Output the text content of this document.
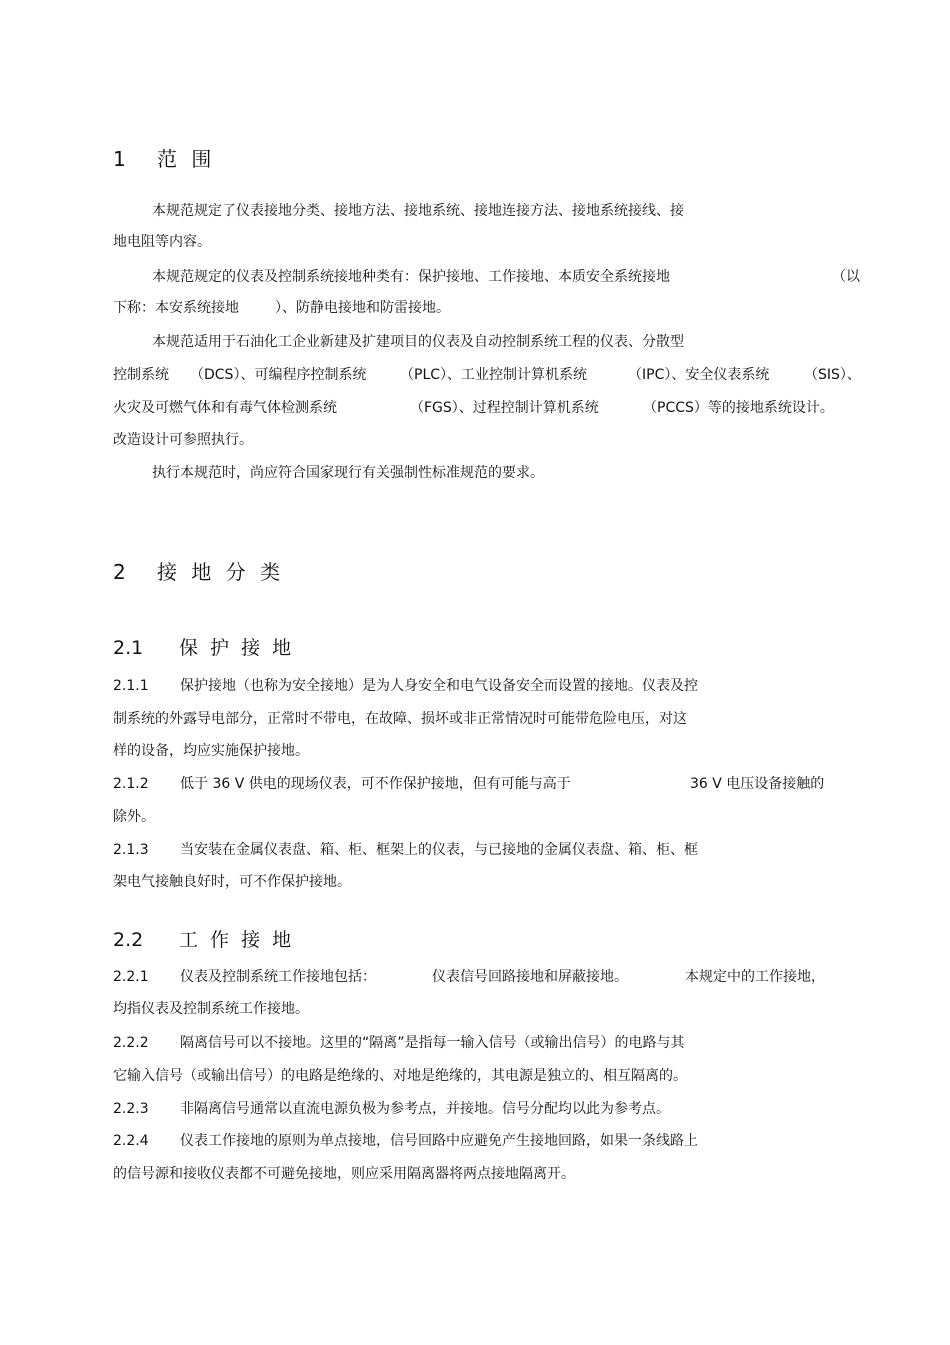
1 范 围
本规范规定了仪表接地分类、接地方法、接地系统、接地连接方法、接地系统接线、接
地电阻等内容。
本规范规定的仪表及控制系统接地种类有：保护接地、工作接地、本质安全系统接地	（以
下称：本安系统接地	）、防静电接地和防雷接地。
本规范适用于石油化工企业新建及扩建项目的仪表及自动控制系统工程的仪表、分散型
控制系统 （DCS）、可编程序控制系统 （PLC）、工业控制计算机系统	（IPC）、安全仪表系统 （SIS）、
火灾及可燃气体和有毒气体检测系统	（FGS）、过程控制计算机系统	（PCCS）等的接地系统设计。
改造设计可参照执行。
执行本规范时，尚应符合国家现行有关强制性标准规范的要求。
2 接 地 分 类
2.1 保 护 接 地
2.1.1 保护接地（也称为安全接地）是为人身安全和电气设备安全而设置的接地。仪表及控
制系统的外露导电部分，正常时不带电，在故障、损坏或非正常情况时可能带危险电压，对这
样的设备，均应实施保护接地。
2.1.2 低于 36 V 供电的现场仪表，可不作保护接地，但有可能与高于	36 V 电压设备接触的
除外。
2.1.3 当安装在金属仪表盘、箱、柜、框架上的仪表，与已接地的金属仪表盘、箱、柜、框
架电气接触良好时，可不作保护接地。
2.2 工 作 接 地
2.2.1 仪表及控制系统工作接地包括：	仪表信号回路接地和屏蔽接地。	本规定中的工作接地，
均指仪表及控制系统工作接地。
2.2.2 隔离信号可以不接地。这里的“隔离”是指每一输入信号（或输出信号）的电路与其
它输入信号（或输出信号）的电路是绝缘的、对地是绝缘的，其电源是独立的、相互隔离的。
2.2.3 非隔离信号通常以直流电源负极为参考点，并接地。信号分配均以此为参考点。
2.2.4 仪表工作接地的原则为单点接地，信号回路中应避免产生接地回路，如果一条线路上
的信号源和接收仪表都不可避免接地，则应采用隔离器将两点接地隔离开。
